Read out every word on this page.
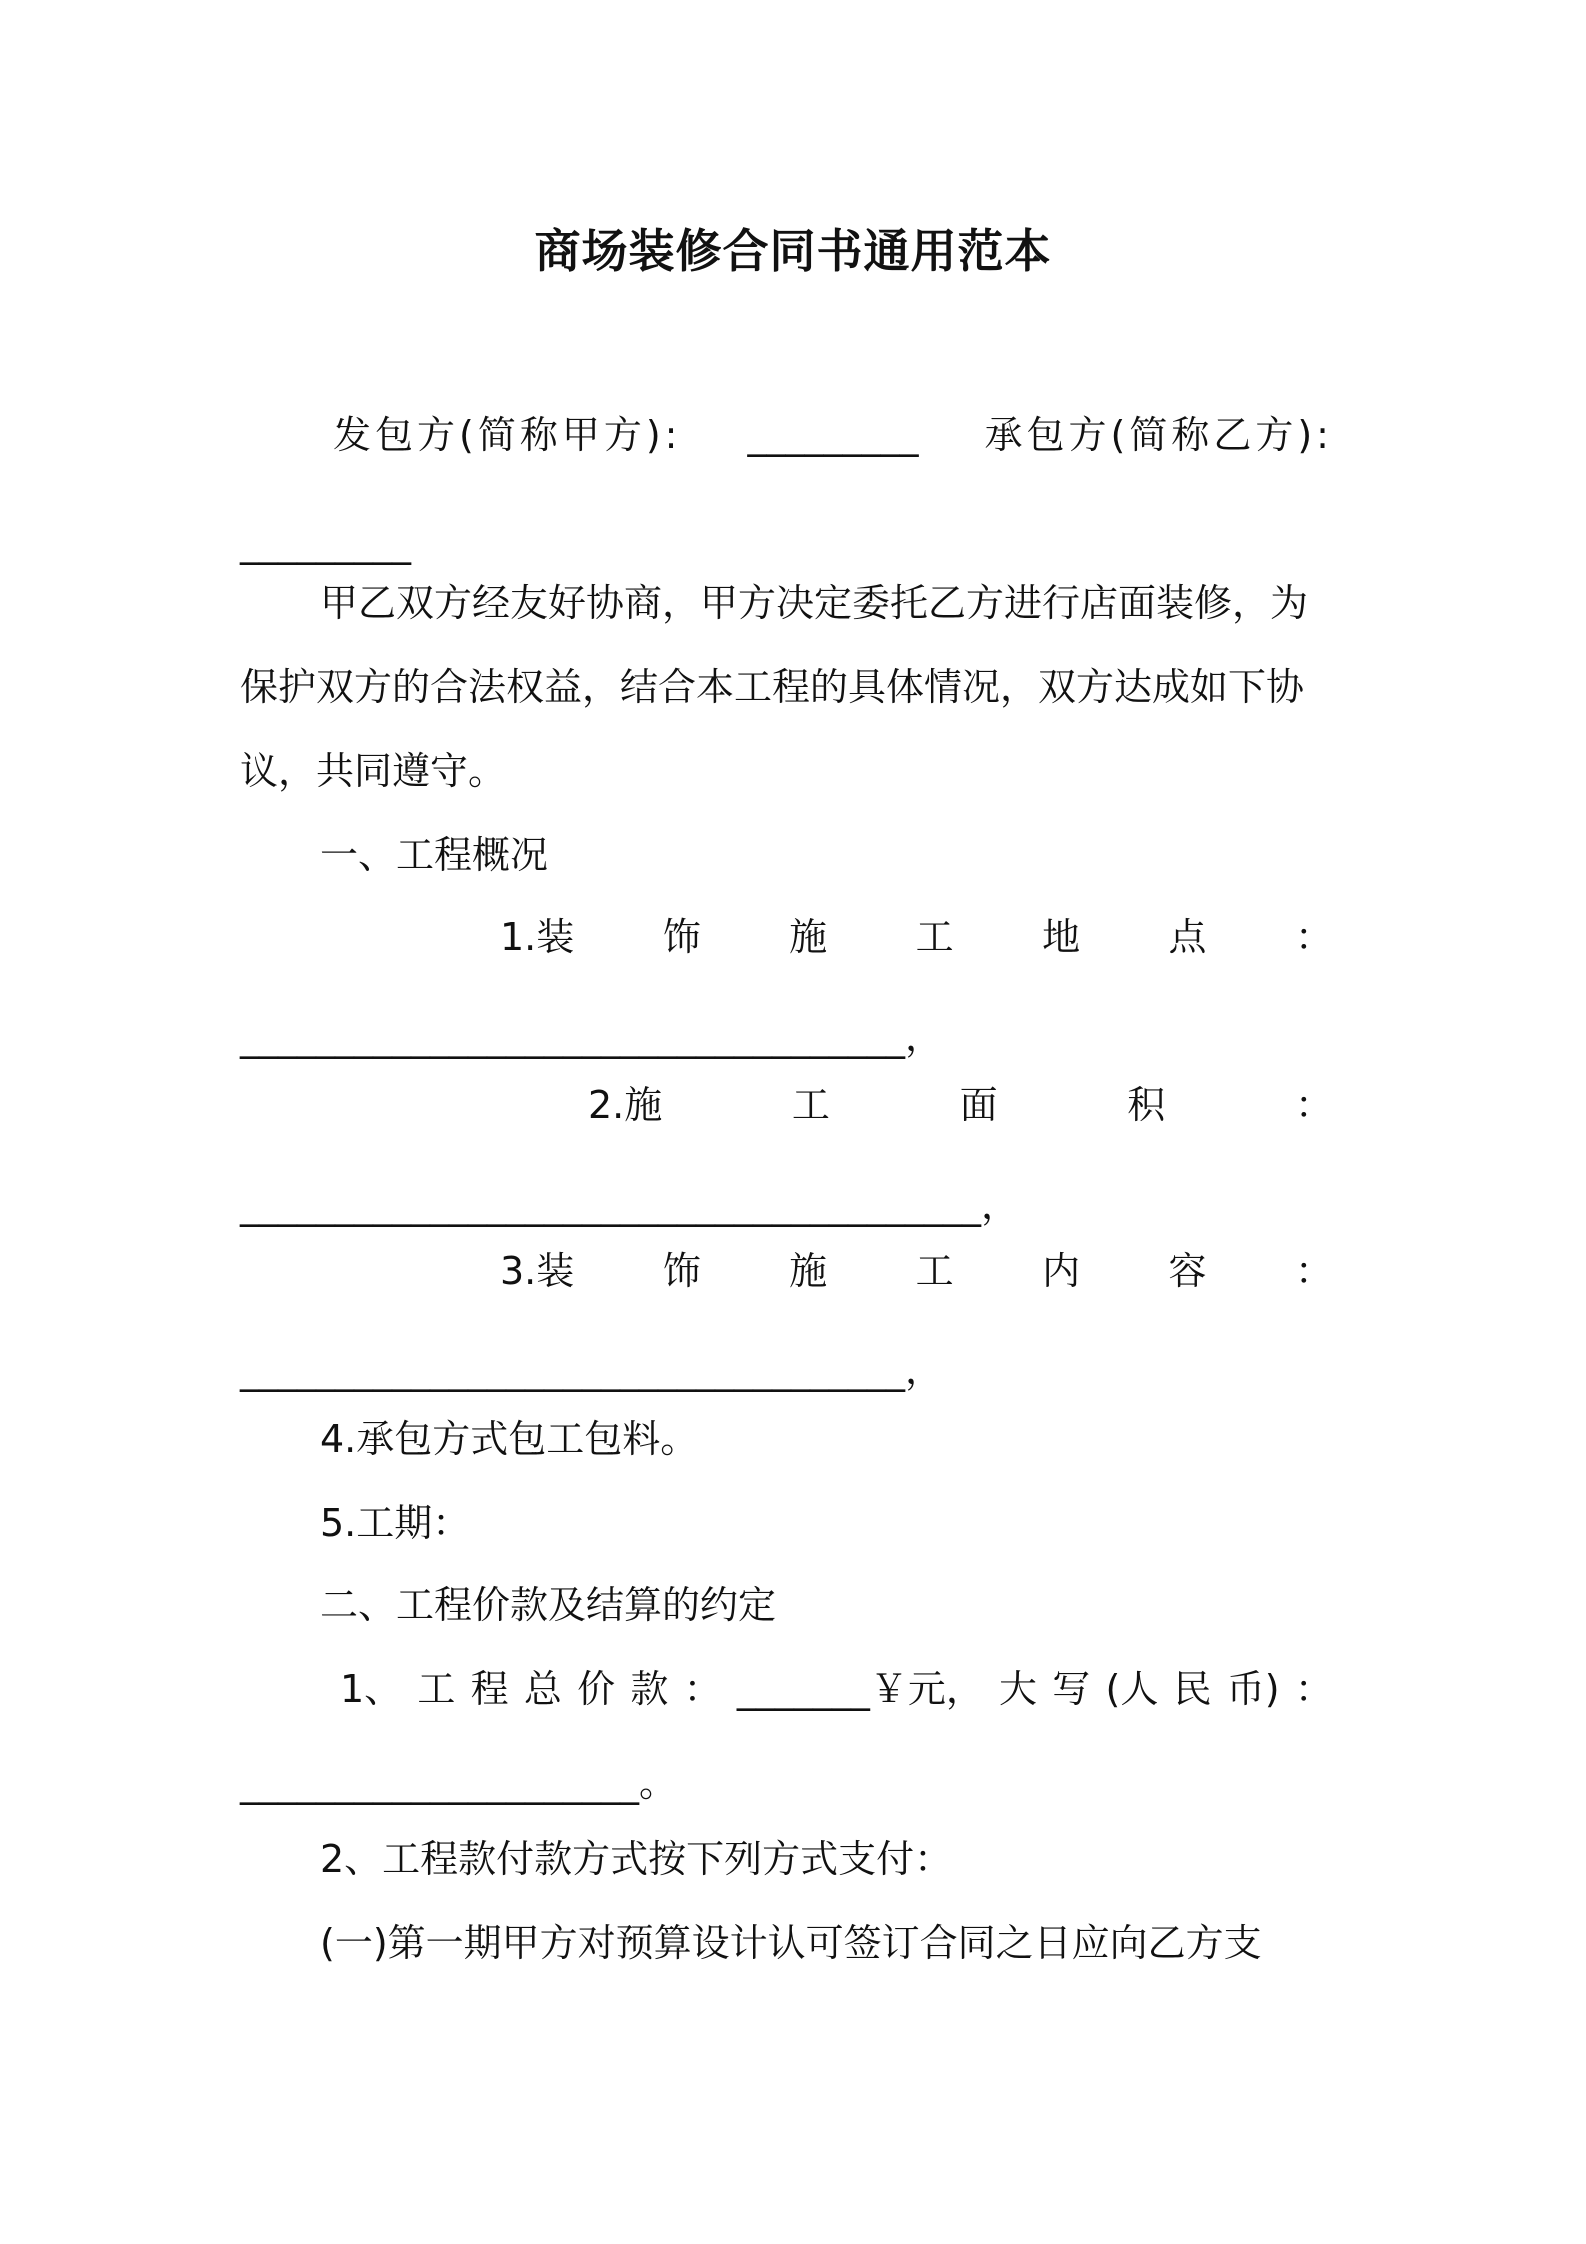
商场装修合同书通用范本
发包方(简称甲方): _________ 承包方(简称乙方):
_________
甲乙双方经友好协商，甲方决定委托乙方进行店面装修，为
保护双方的合法权益，结合本工程的具体情况，双方达成如下协
议，共同遵守。
一、工程概况
1.装 饰 施 工 地 点 ：
___________________________________，
2.施	工	面	积	：
_______________________________________，
3.装 饰 施 工 内 容 ：
___________________________________，
4.承包方式包工包料。
5.工期：
二、工程价款及结算的约定
1、 工 程 总 价 款 ： _______￥元， 大 写 (人 民 币) ：
_____________________。
2、工程款付款方式按下列方式支付：
(一)第一期甲方对预算设计认可签订合同之日应向乙方支
